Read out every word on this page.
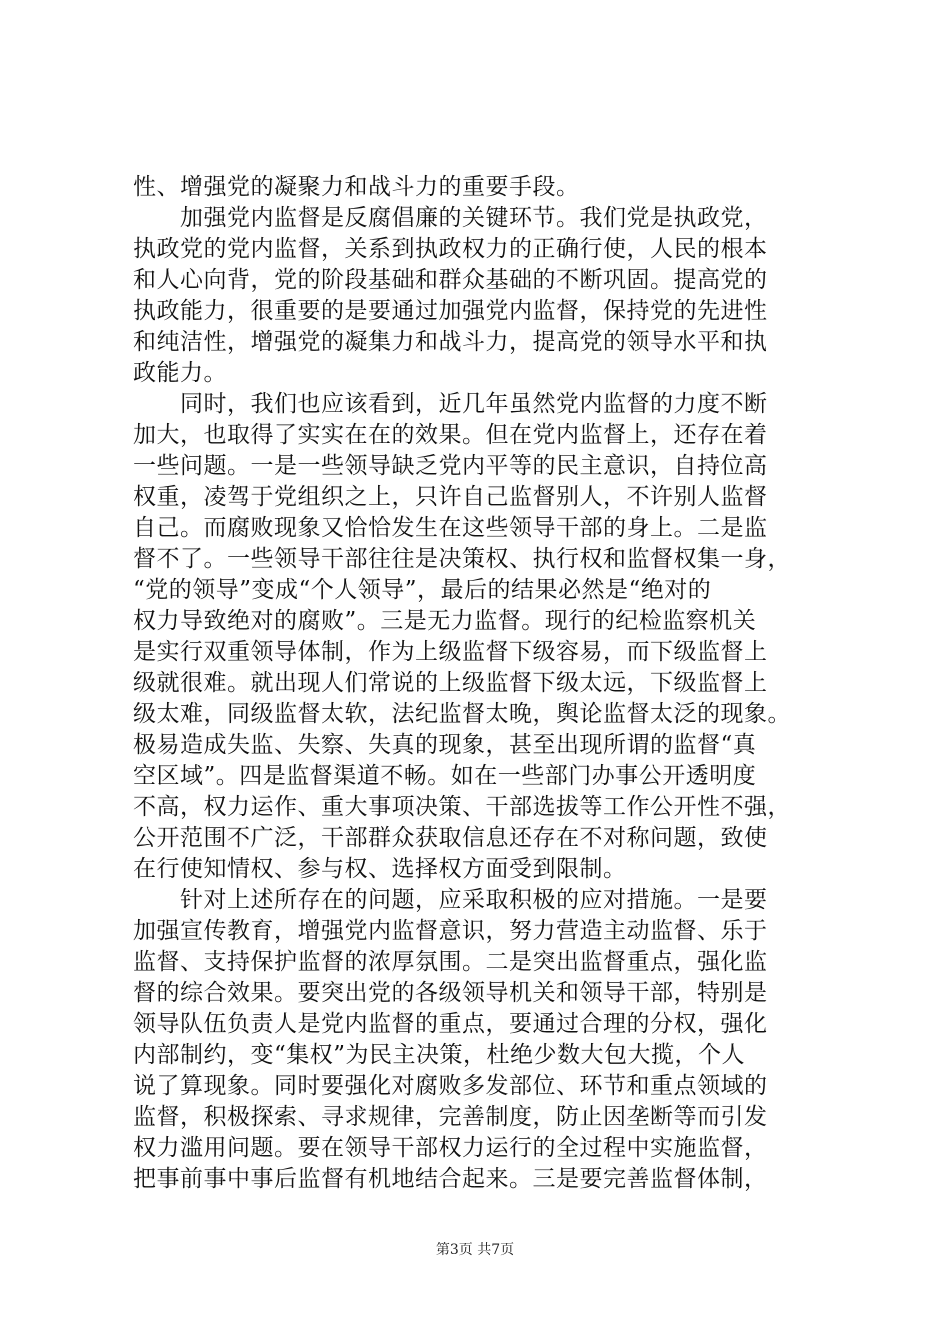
性、增强党的凝聚力和战斗力的重要手段。
加强党内监督是反腐倡廉的关键环节。我们党是执政党，
执政党的党内监督，关系到执政权力的正确行使，人民的根本
和人心向背，党的阶段基础和群众基础的不断巩固。提高党的
执政能力，很重要的是要通过加强党内监督，保持党的先进性
和纯洁性，增强党的凝集力和战斗力，提高党的领导水平和执
政能力。
同时，我们也应该看到，近几年虽然党内监督的力度不断
加大，也取得了实实在在的效果。但在党内监督上，还存在着
一些问题。一是一些领导缺乏党内平等的民主意识，自持位高
权重，凌驾于党组织之上，只许自己监督别人，不许别人监督
自己。而腐败现象又恰恰发生在这些领导干部的身上。二是监
督不了。一些领导干部往往是决策权、执行权和监督权集一身，
“党的领导”变成“个人领导”，最后的结果必然是“绝对的
权力导致绝对的腐败”。三是无力监督。现行的纪检监察机关
是实行双重领导体制，作为上级监督下级容易，而下级监督上
级就很难。就出现人们常说的上级监督下级太远，下级监督上
级太难，同级监督太软，法纪监督太晚，舆论监督太泛的现象。
极易造成失监、失察、失真的现象，甚至出现所谓的监督“真
空区域”。四是监督渠道不畅。如在一些部门办事公开透明度
不高，权力运作、重大事项决策、干部选拔等工作公开性不强，
公开范围不广泛，干部群众获取信息还存在不对称问题，致使
在行使知情权、参与权、选择权方面受到限制。
针对上述所存在的问题，应采取积极的应对措施。一是要
加强宣传教育，增强党内监督意识，努力营造主动监督、乐于
监督、支持保护监督的浓厚氛围。二是突出监督重点，强化监
督的综合效果。要突出党的各级领导机关和领导干部，特别是
领导队伍负责人是党内监督的重点，要通过合理的分权，强化
内部制约，变“集权”为民主决策，杜绝少数大包大揽，个人
说了算现象。同时要强化对腐败多发部位、环节和重点领域的
监督，积极探索、寻求规律，完善制度，防止因垄断等而引发
权力滥用问题。要在领导干部权力运行的全过程中实施监督，
把事前事中事后监督有机地结合起来。三是要完善监督体制，
第3页 共7页
